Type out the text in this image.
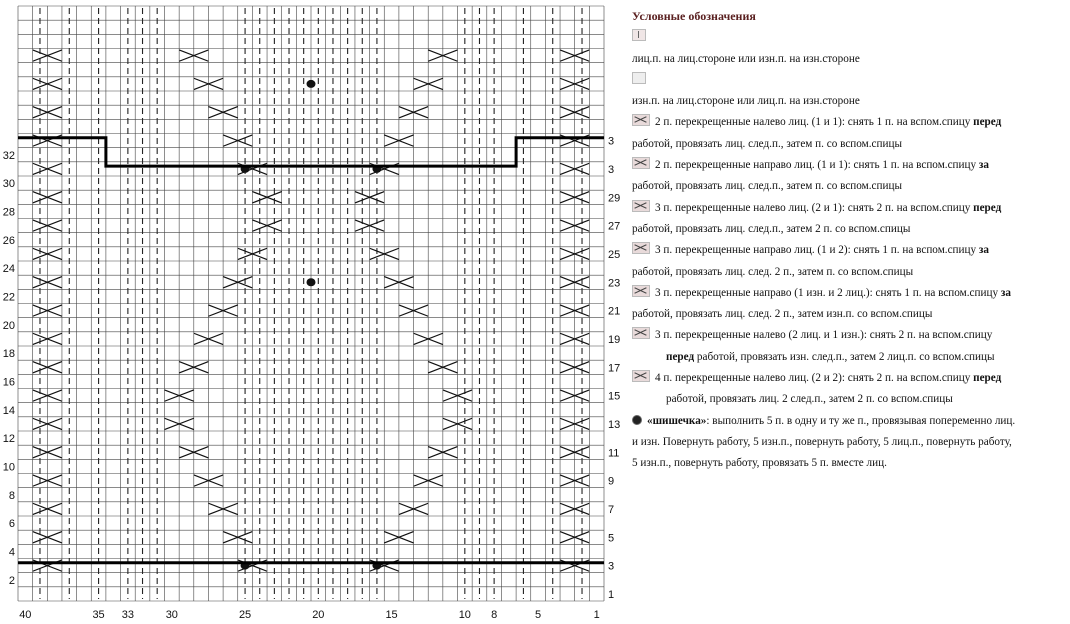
2
4
6
8
10
12
14
16
18
20
22
24
26
28
30
32
1
3
5
7
9
11
13
15
17
19
21
23
25
27
29
3
3
40	35 33	30	25	20	15	10 8	5	1
Условные обозначения
лиц.п. на лиц.стороне или изн.п. на изн.стороне
изн.п. на лиц.стороне или лиц.п. на изн.стороне
2 п. перекрещенные налево лиц. (1 и 1): снять 1 п. на вспом.спицу перед
работой, провязать лиц. след.п., затем п. со вспом.спицы
2 п. перекрещенные направо лиц. (1 и 1): снять 1 п. на вспом.спицу за
работой, провязать лиц. след.п., затем п. со вспом.спицы
3 п. перекрещенные налево лиц. (2 и 1): снять 2 п. на вспом.спицу перед
работой, провязать лиц. след.п., затем 2 п. со вспом.спицы
3 п. перекрещенные направо лиц. (1 и 2): снять 1 п. на вспом.спицу за
работой, провязать лиц. след. 2 п., затем п. со вспом.спицы
3 п. перекрещенные направо (1 изн. и 2 лиц.): снять 1 п. на вспом.спицу за
работой, провязать лиц. след. 2 п., затем изн.п. со вспом.спицы
3 п. перекрещенные налево (2 лиц. и 1 изн.): снять 2 п. на вспом.спицу
перед работой, провязать изн. след.п., затем 2 лиц.п. со вспом.спицы
4 п. перекрещенные налево лиц. (2 и 2): снять 2 п. на вспом.спицу перед
работой, провязать лиц. 2 след.п., затем 2 п. со вспом.спицы
«шишечка»: выполнить 5 п. в одну и ту же п., провязывая попеременно лиц.
и изн. Повернуть работу, 5 изн.п., повернуть работу, 5 лиц.п., повернуть работу,
5 изн.п., повернуть работу, провязать 5 п. вместе лиц.
